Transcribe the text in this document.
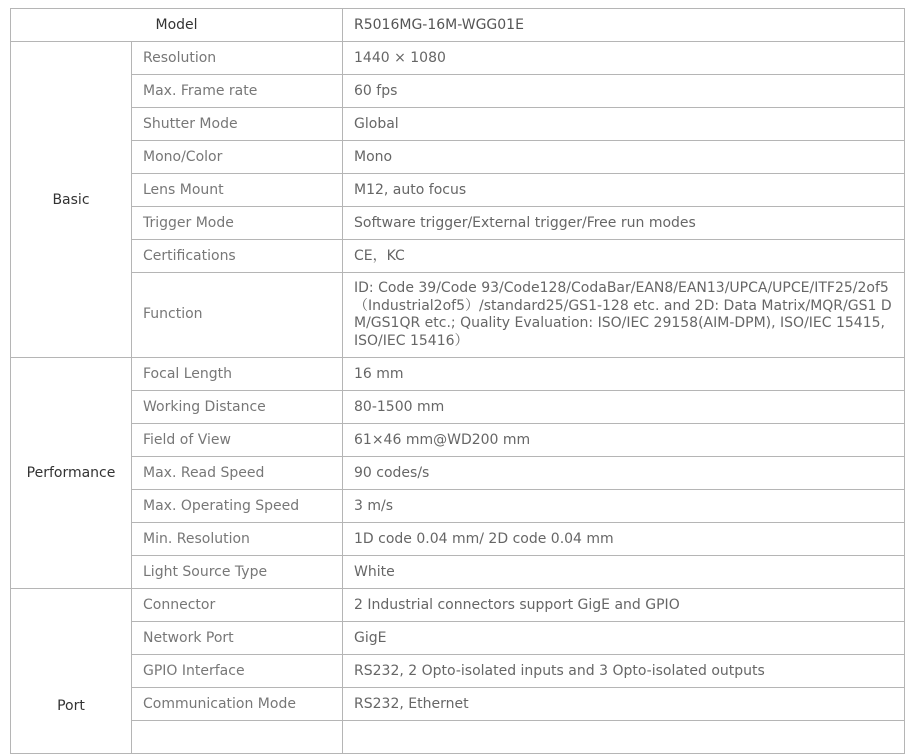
Model		R5016MG-16M-WGG01E
Basic	Resolution	1440 × 1080
	Max. Frame rate	60 fps
	Shutter Mode	Global
	Mono/Color	Mono
	Lens Mount	M12, auto focus
	Trigger Mode	Software trigger/External trigger/Free run modes
	Certifications	CE，KC
	Function	ID: Code 39/Code 93/Code128/CodaBar/EAN8/EAN13/UPCA/UPCE/ITF25/2of5（Industrial2of5）/standard25/GS1-128 etc. and 2D: Data Matrix/MQR/GS1 DM/GS1QR etc.; Quality Evaluation: ISO/IEC 29158(AIM-DPM), ISO/IEC 15415, ISO/IEC 15416）
Performance	Focal Length	16 mm
	Working Distance	80-1500 mm
	Field of View	61×46 mm@WD200 mm
	Max. Read Speed	90 codes/s
	Max. Operating Speed	3 m/s
	Min. Resolution	1D code 0.04 mm/ 2D code 0.04 mm
	Light Source Type	White
Port	Connector	2 Industrial connectors support GigE and GPIO
	Network Port	GigE
	GPIO Interface	RS232, 2 Opto-isolated inputs and 3 Opto-isolated outputs
	Communication Mode	RS232, Ethernet
